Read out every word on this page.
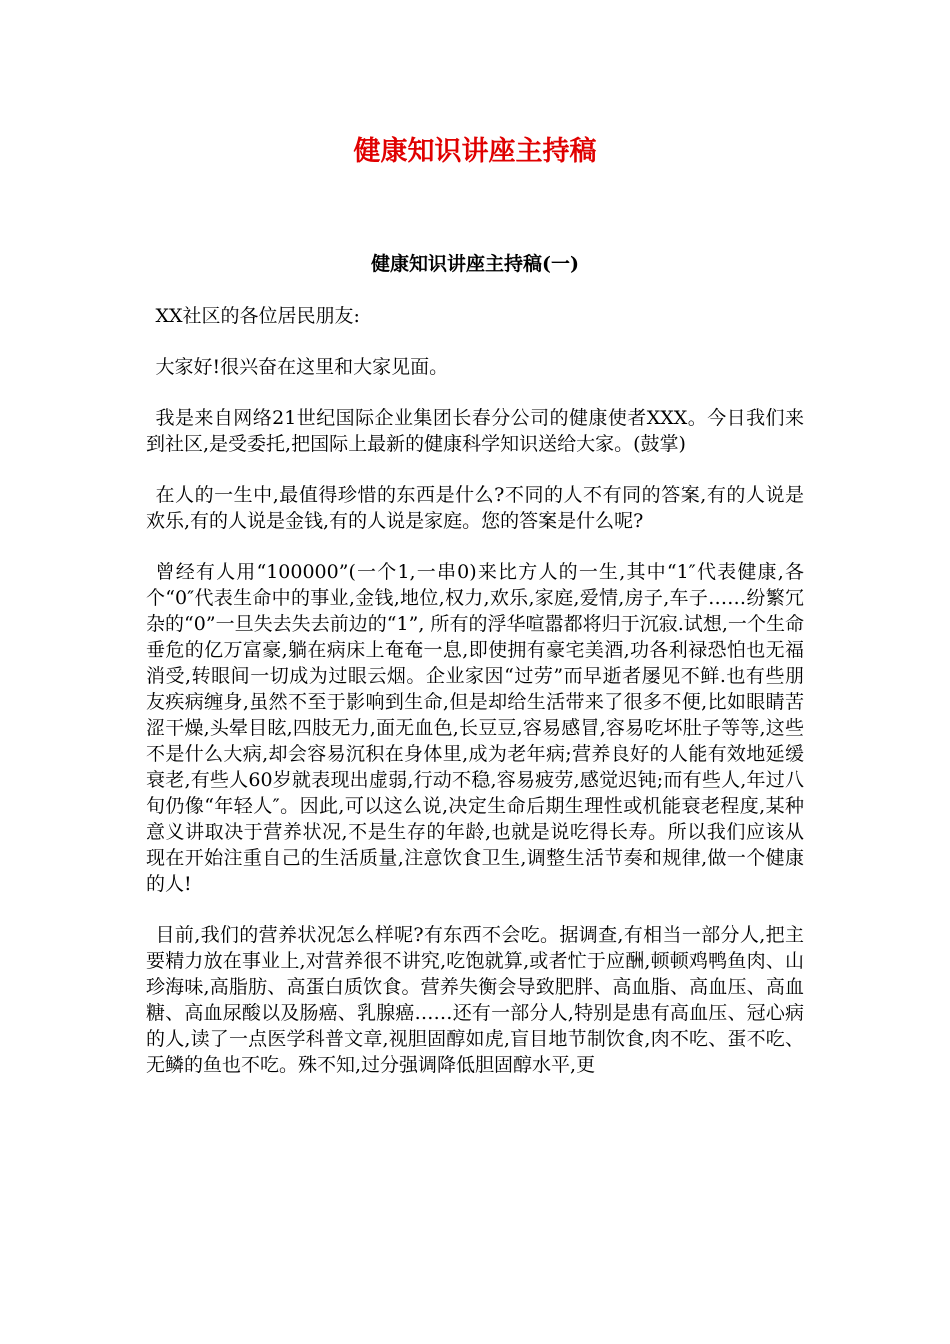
健康知识讲座主持稿
健康知识讲座主持稿(一)

XX社区的各位居民朋友:

大家好!很兴奋在这里和大家见面。

我是来自网络21世纪国际企业集团长春分公司的健康使者XXX。今日我们来到社区,是受委托,把国际上最新的健康科学知识送给大家。(鼓掌)

在人的一生中,最值得珍惜的东西是什么?不同的人不有同的答案,有的人说是欢乐,有的人说是金钱,有的人说是家庭。您的答案是什么呢?

曾经有人用“100000”(一个1,一串0)来比方人的一生,其中“1″代表健康,各个“0″代表生命中的事业,金钱,地位,权力,欢乐,家庭,爱情,房子,车子……纷繁冗杂的“0”一旦失去失去前边的“1”, 所有的浮华喧嚣都将归于沉寂.试想,一个生命垂危的亿万富豪,躺在病床上奄奄一息,即使拥有豪宅美酒,功各利禄恐怕也无福消受,转眼间一切成为过眼云烟。企业家因“过劳”而早逝者屡见不鲜.也有些朋友疾病缠身,虽然不至于影响到生命,但是却给生活带来了很多不便,比如眼睛苦涩干燥,头晕目眩,四肢无力,面无血色,长豆豆,容易感冒,容易吃坏肚子等等,这些不是什么大病,却会容易沉积在身体里,成为老年病;营养良好的人能有效地延缓衰老,有些人60岁就表现出虚弱,行动不稳,容易疲劳,感觉迟钝;而有些人,年过八旬仍像“年轻人″。因此,可以这么说,决定生命后期生理性或机能衰老程度,某种意义讲取决于营养状况,不是生存的年龄,也就是说吃得长寿。所以我们应该从现在开始注重自己的生活质量,注意饮食卫生,调整生活节奏和规律,做一个健康的人!

目前,我们的营养状况怎么样呢?有东西不会吃。据调查,有相当一部分人,把主要精力放在事业上,对营养很不讲究,吃饱就算,或者忙于应酬,顿顿鸡鸭鱼肉、山珍海味,高脂肪、高蛋白质饮食。营养失衡会导致肥胖、高血脂、高血压、高血糖、高血尿酸以及肠癌、乳腺癌……还有一部分人,特别是患有高血压、冠心病的人,读了一点医学科普文章,视胆固醇如虎,盲目地节制饮食,肉不吃、蛋不吃、无鳞的鱼也不吃。殊不知,过分强调降低胆固醇水平,更
